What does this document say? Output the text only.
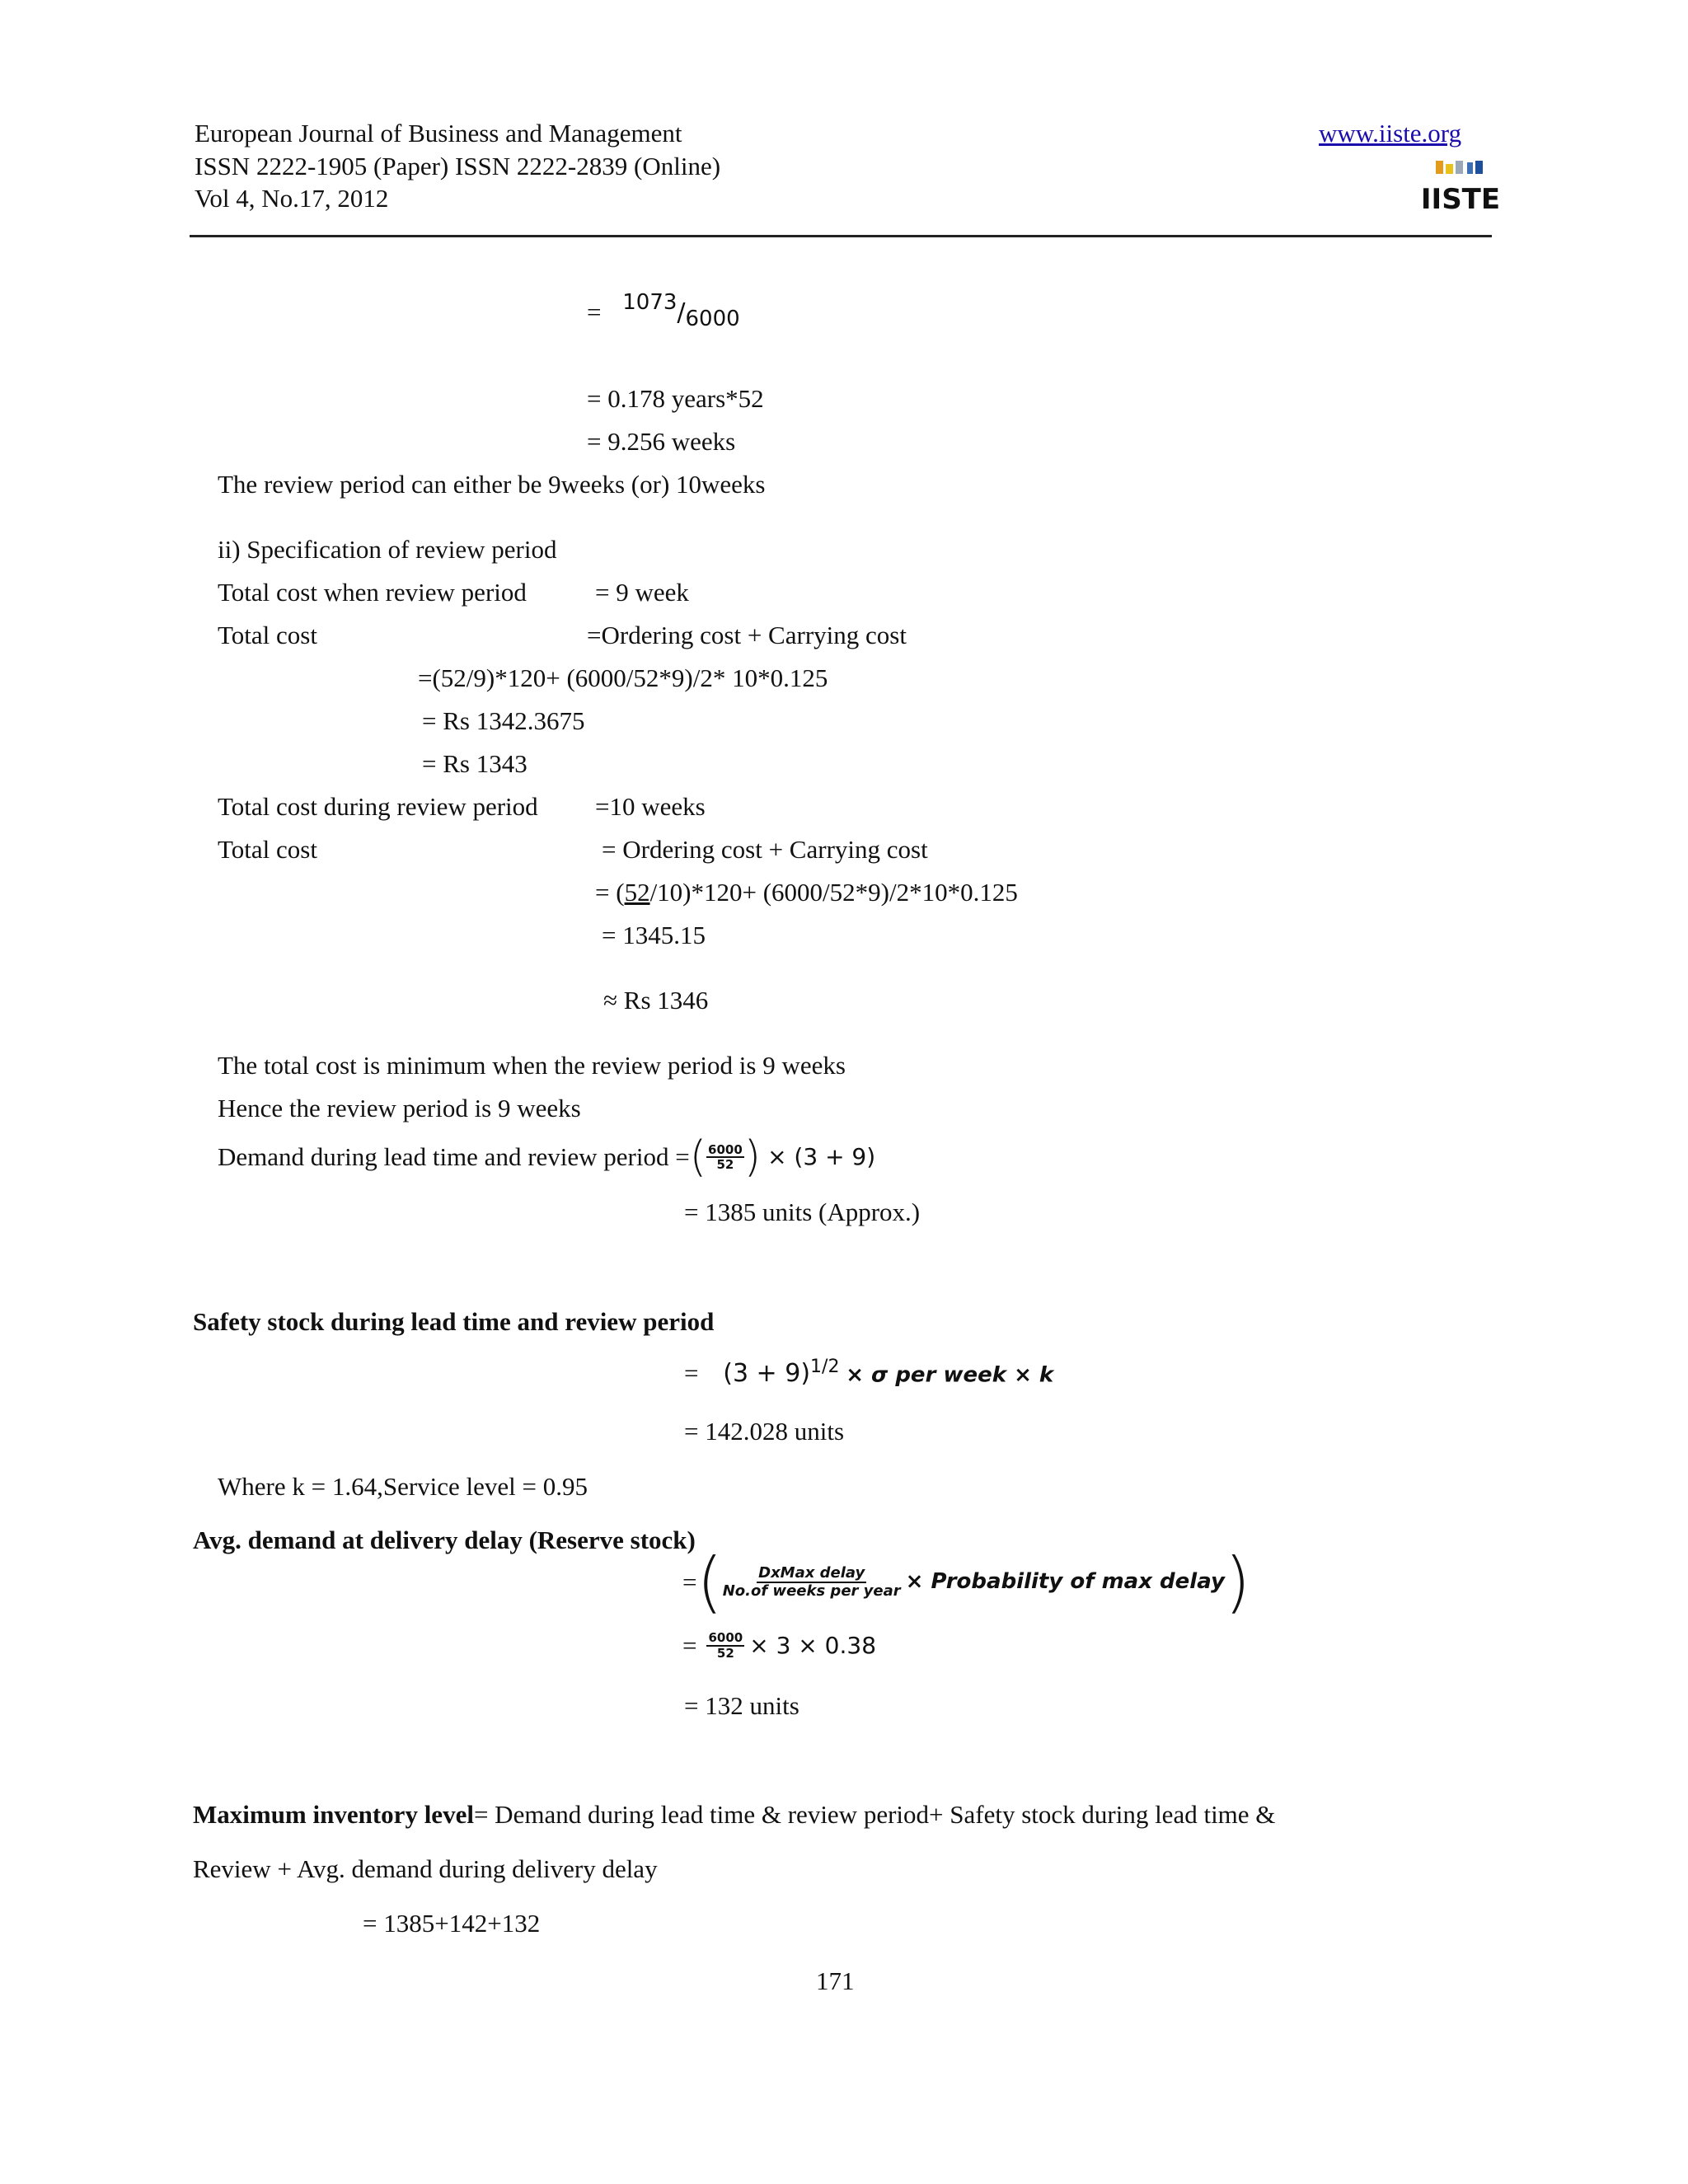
European Journal of Business and Management
ISSN 2222-1905 (Paper) ISSN 2222-2839 (Online)
Vol 4, No.17, 2012
www.iiste.org
IISTE
= $^{1073}$/6000
= 0.178 years*52
= 9.256 weeks
The review period can either be 9weeks (or) 10weeks
ii) Specification of review period
Total cost when review period	= 9 week
Total cost	=Ordering cost + Carrying cost
=(52/9)*120+ (6000/52*9)/2* 10*0.125
= Rs 1342.3675
= Rs 1343
Total cost during review period =10 weeks
Total cost	= Ordering cost + Carrying cost
= (52/10)*120+ (6000/52*9)/2*10*0.125
= 1345.15
≈ Rs 1346
The total cost is minimum when the review period is 9 weeks
Hence the review period is 9 weeks
Demand during lead time and review period = ( $\frac{6000}{52}$ ) × (3 + 9)
= 1385 units (Approx.)
Safety stock during lead time and review period
= $(3 + 9)^{1/2} \times \sigma$ per week × k
= 142.028 units
Where k = 1.64,Service level = 0.95
Avg. demand at delivery delay (Reserve stock)
= ( $\frac{\text{DxMax delay}}{\text{No.of weeks per year}}$ × Probability of max delay )
= $\frac{6000}{52} \times 3 \times 0.38$
= 132 units
Maximum inventory level= Demand during lead time & review period+ Safety stock during lead time &
Review + Avg. demand during delivery delay
= 1385+142+132
171
